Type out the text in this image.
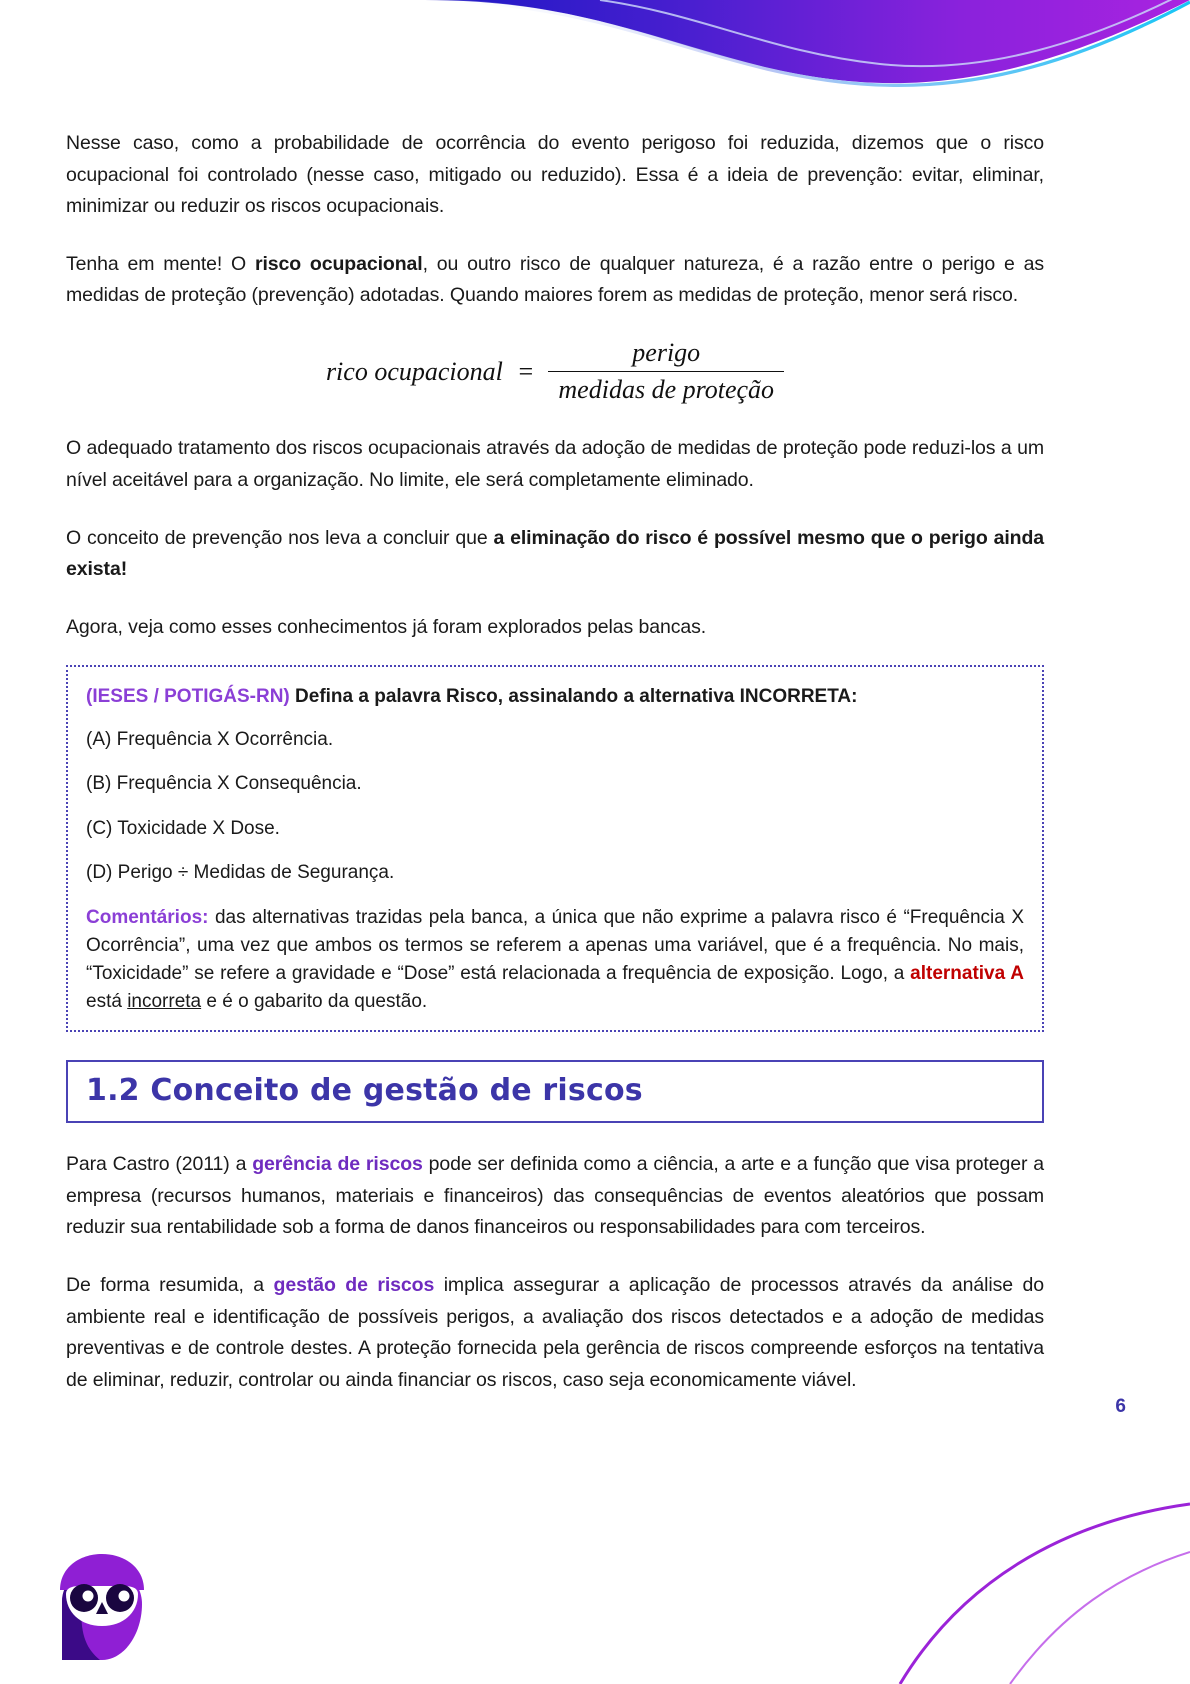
Nesse caso, como a probabilidade de ocorrência do evento perigoso foi reduzida, dizemos que o risco ocupacional foi controlado (nesse caso, mitigado ou reduzido). Essa é a ideia de prevenção: evitar, eliminar, minimizar ou reduzir os riscos ocupacionais.

Tenha em mente! O risco ocupacional, ou outro risco de qualquer natureza, é a razão entre o perigo e as medidas de proteção (prevenção) adotadas. Quando maiores forem as medidas de proteção, menor será risco.

rico ocupacional = $\frac{\text{perigo}}{\text{medidas de proteção}}$

O adequado tratamento dos riscos ocupacionais através da adoção de medidas de proteção pode reduzi-los a um nível aceitável para a organização. No limite, ele será completamente eliminado.

O conceito de prevenção nos leva a concluir que a eliminação do risco é possível mesmo que o perigo ainda exista!

Agora, veja como esses conhecimentos já foram explorados pelas bancas.

(IESES / POTIGÁS-RN) Defina a palavra Risco, assinalando a alternativa INCORRETA:

(A) Frequência X Ocorrência.

(B) Frequência X Consequência.

(C) Toxicidade X Dose.

(D) Perigo ÷ Medidas de Segurança.

Comentários: das alternativas trazidas pela banca, a única que não exprime a palavra risco é “Frequência X Ocorrência”, uma vez que ambos os termos se referem a apenas uma variável, que é a frequência. No mais, “Toxicidade” se refere a gravidade e “Dose” está relacionada a frequência de exposição. Logo, a alternativa A está incorreta e é o gabarito da questão.

1.2 Conceito de gestão de riscos

Para Castro (2011) a gerência de riscos pode ser definida como a ciência, a arte e a função que visa proteger a empresa (recursos humanos, materiais e financeiros) das consequências de eventos aleatórios que possam reduzir sua rentabilidade sob a forma de danos financeiros ou responsabilidades para com terceiros.

De forma resumida, a gestão de riscos implica assegurar a aplicação de processos através da análise do ambiente real e identificação de possíveis perigos, a avaliação dos riscos detectados e a adoção de medidas preventivas e de controle destes. A proteção fornecida pela gerência de riscos compreende esforços na tentativa de eliminar, reduzir, controlar ou ainda financiar os riscos, caso seja economicamente viável.

6
